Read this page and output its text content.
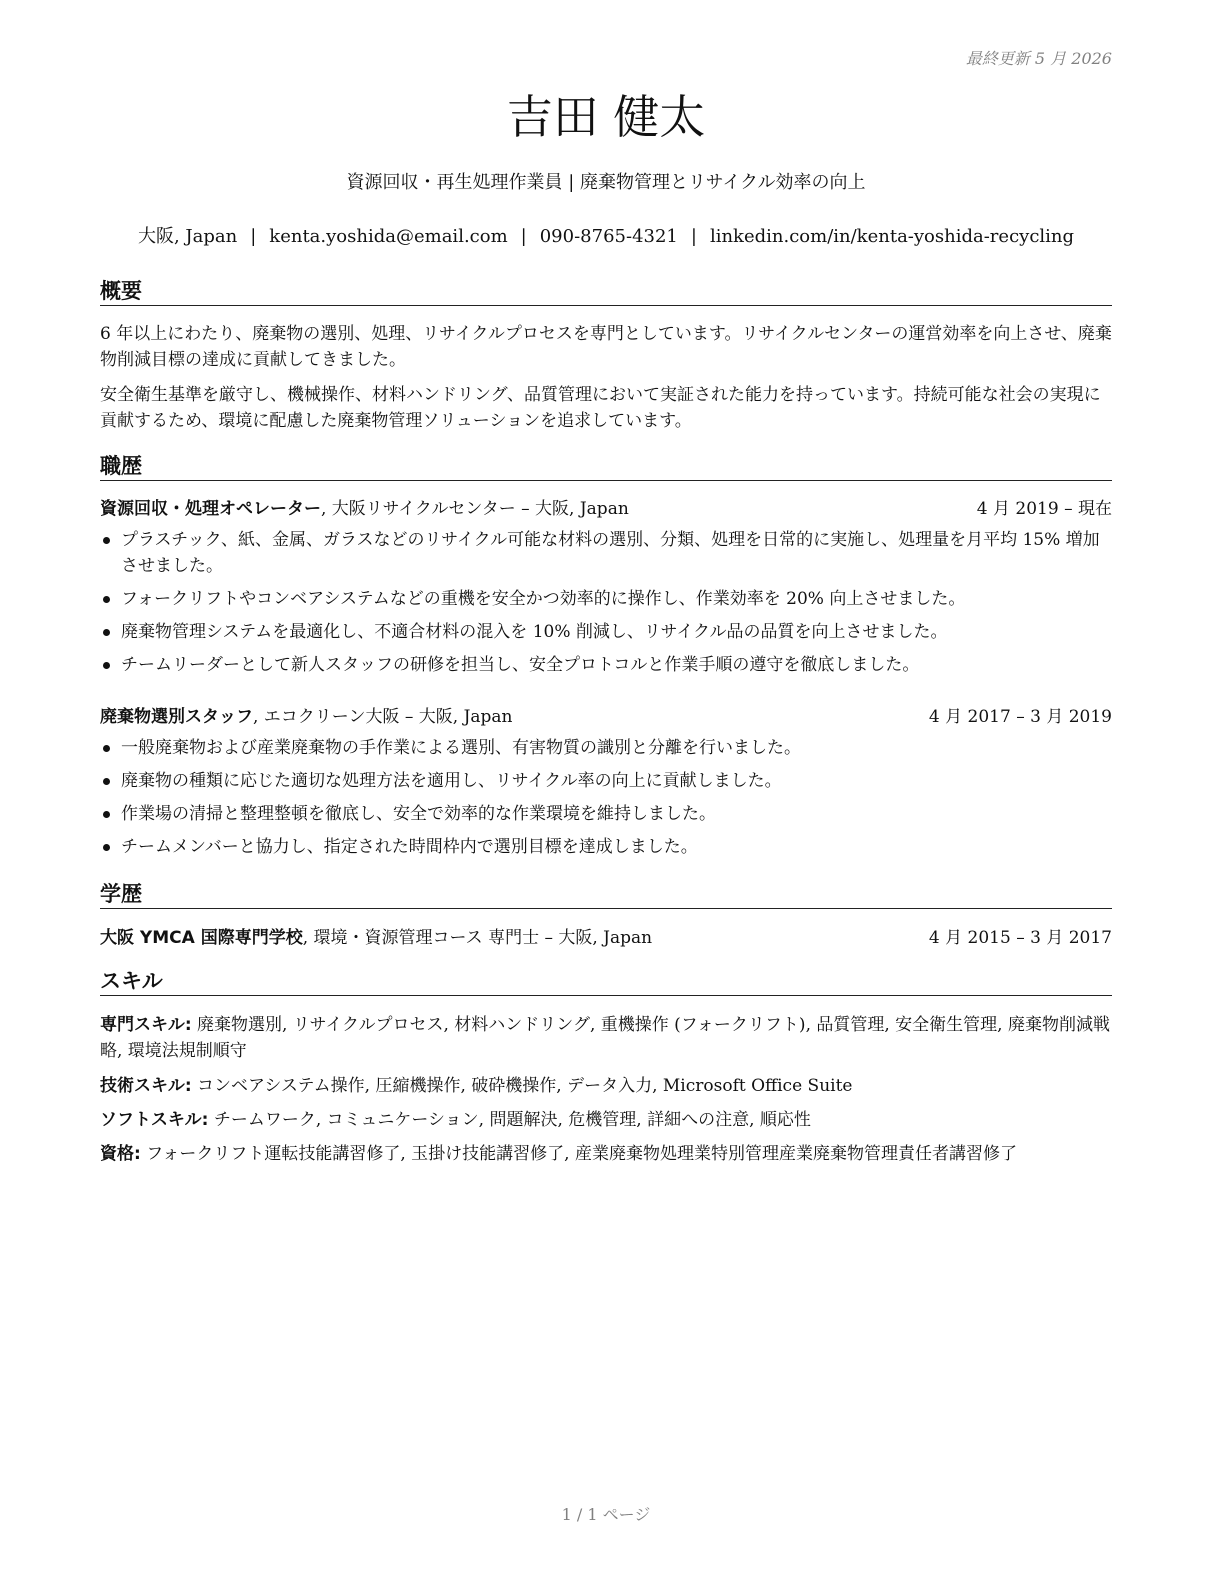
最終更新 5 月 2026
吉田 健太
資源回収・再生処理作業員 | 廃棄物管理とリサイクル効率の向上
大阪, Japan | kenta.yoshida@email.com | 090-8765-4321 | linkedin.com/in/kenta-yoshida-recycling
概要
6 年以上にわたり、廃棄物の選別、処理、リサイクルプロセスを専門としています。リサイクルセンターの運営効率を向上させ、廃棄物削減目標の達成に貢献してきました。
安全衛生基準を厳守し、機械操作、材料ハンドリング、品質管理において実証された能力を持っています。持続可能な社会の実現に貢献するため、環境に配慮した廃棄物管理ソリューションを追求しています。
職歴
資源回収・処理オペレーター, 大阪リサイクルセンター – 大阪, Japan	4 月 2019 – 現在
プラスチック、紙、金属、ガラスなどのリサイクル可能な材料の選別、分類、処理を日常的に実施し、処理量を月平均 15% 増加させました。
フォークリフトやコンベアシステムなどの重機を安全かつ効率的に操作し、作業効率を 20% 向上させました。
廃棄物管理システムを最適化し、不適合材料の混入を 10% 削減し、リサイクル品の品質を向上させました。
チームリーダーとして新人スタッフの研修を担当し、安全プロトコルと作業手順の遵守を徹底しました。
廃棄物選別スタッフ, エコクリーン大阪 – 大阪, Japan	4 月 2017 – 3 月 2019
一般廃棄物および産業廃棄物の手作業による選別、有害物質の識別と分離を行いました。
廃棄物の種類に応じた適切な処理方法を適用し、リサイクル率の向上に貢献しました。
作業場の清掃と整理整頓を徹底し、安全で効率的な作業環境を維持しました。
チームメンバーと協力し、指定された時間枠内で選別目標を達成しました。
学歴
大阪 YMCA 国際専門学校, 環境・資源管理コース 専門士 – 大阪, Japan	4 月 2015 – 3 月 2017
スキル
専門スキル: 廃棄物選別, リサイクルプロセス, 材料ハンドリング, 重機操作 (フォークリフト), 品質管理, 安全衛生管理, 廃棄物削減戦略, 環境法規制順守
技術スキル: コンベアシステム操作, 圧縮機操作, 破砕機操作, データ入力, Microsoft Office Suite
ソフトスキル: チームワーク, コミュニケーション, 問題解決, 危機管理, 詳細への注意, 順応性
資格: フォークリフト運転技能講習修了, 玉掛け技能講習修了, 産業廃棄物処理業特別管理産業廃棄物管理責任者講習修了
1 / 1 ページ
